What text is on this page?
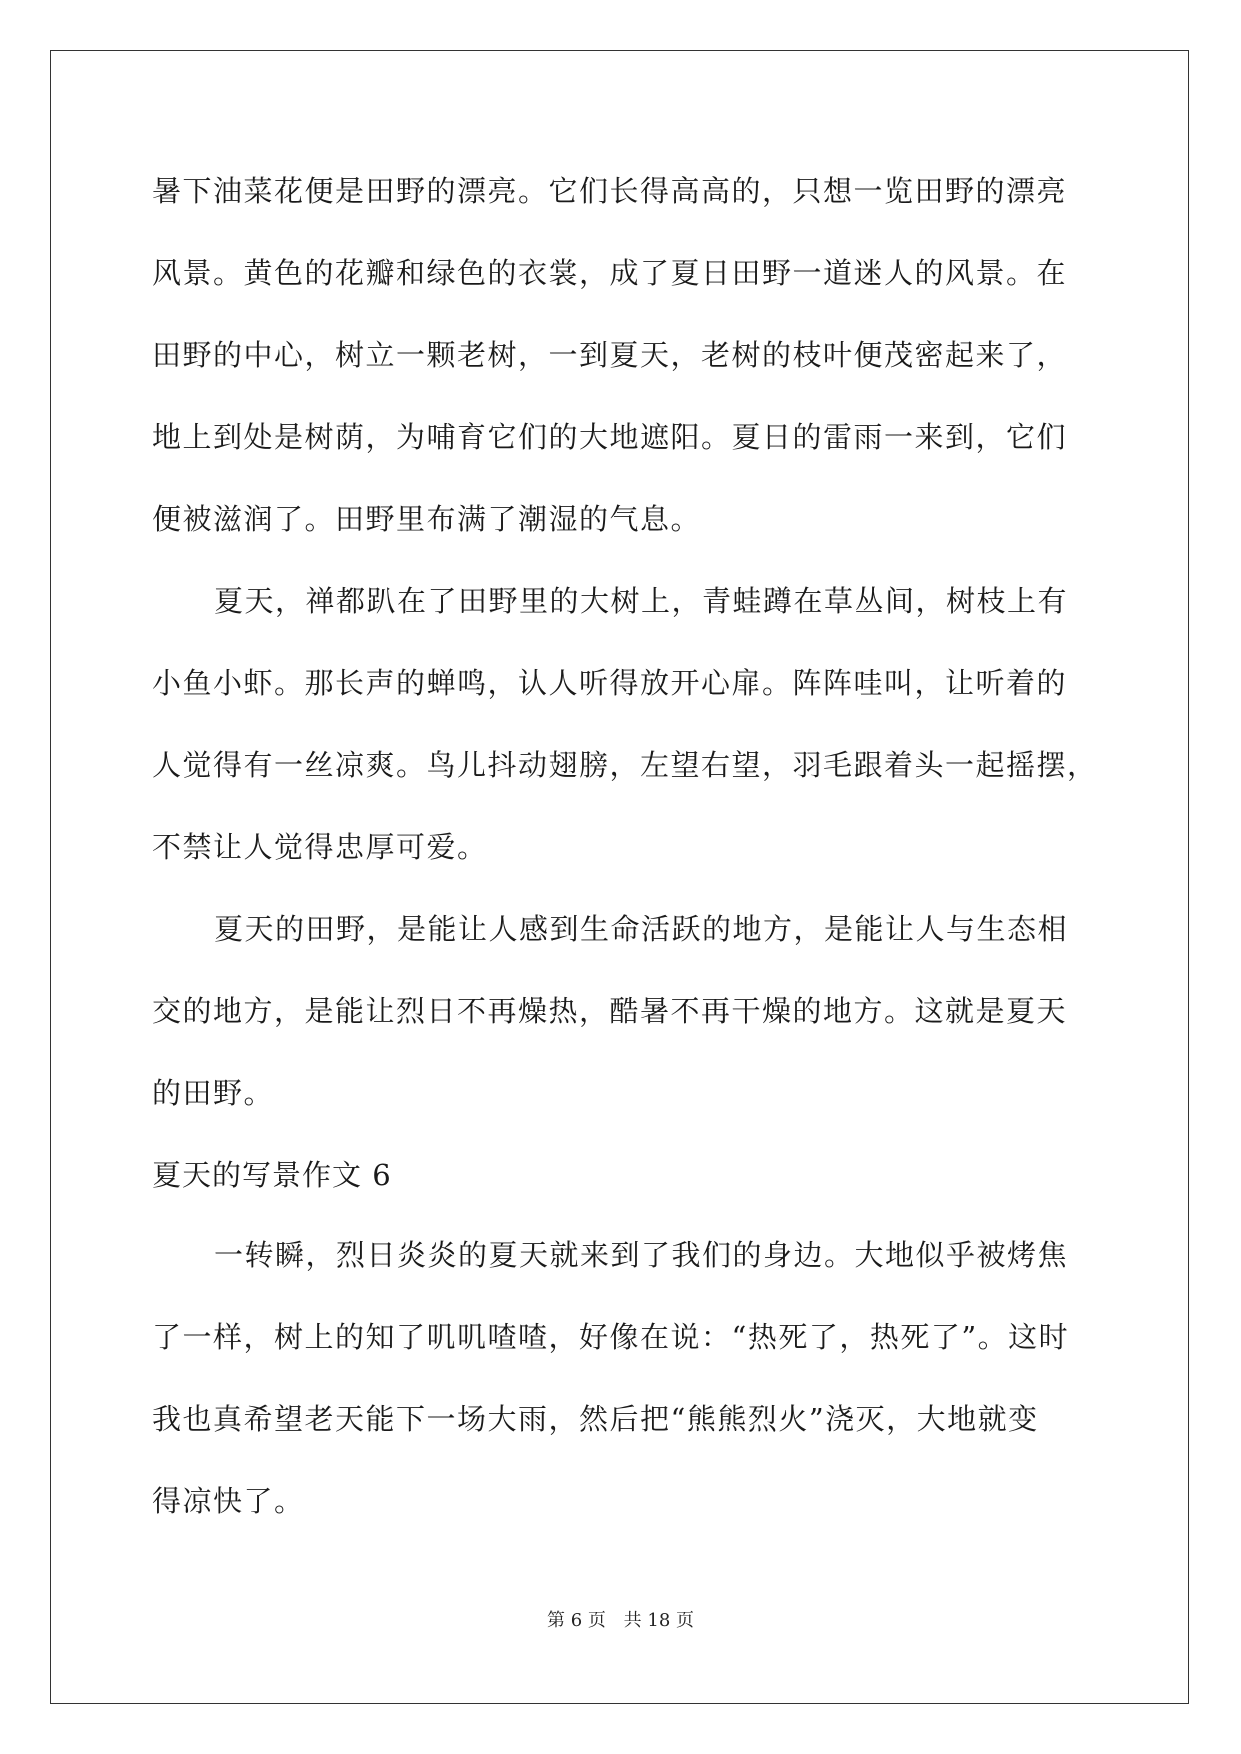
暑下油菜花便是田野的漂亮。它们长得高高的，只想一览田野的漂亮
风景。黄色的花瓣和绿色的衣裳，成了夏日田野一道迷人的风景。在
田野的中心，树立一颗老树，一到夏天，老树的枝叶便茂密起来了，
地上到处是树荫，为哺育它们的大地遮阳。夏日的雷雨一来到，它们
便被滋润了。田野里布满了潮湿的气息。
夏天，禅都趴在了田野里的大树上，青蛙蹲在草丛间，树枝上有
小鱼小虾。那长声的蝉鸣，认人听得放开心扉。阵阵哇叫，让听着的
人觉得有一丝凉爽。鸟儿抖动翅膀，左望右望，羽毛跟着头一起摇摆，
不禁让人觉得忠厚可爱。
夏天的田野，是能让人感到生命活跃的地方，是能让人与生态相
交的地方，是能让烈日不再燥热，酷暑不再干燥的地方。这就是夏天
的田野。
夏天的写景作文 6
一转瞬，烈日炎炎的夏天就来到了我们的身边。大地似乎被烤焦
了一样，树上的知了叽叽喳喳，好像在说：“热死了，热死了”。这时
我也真希望老天能下一场大雨，然后把“熊熊烈火”浇灭，大地就变
得凉快了。
第 6 页 共 18 页
